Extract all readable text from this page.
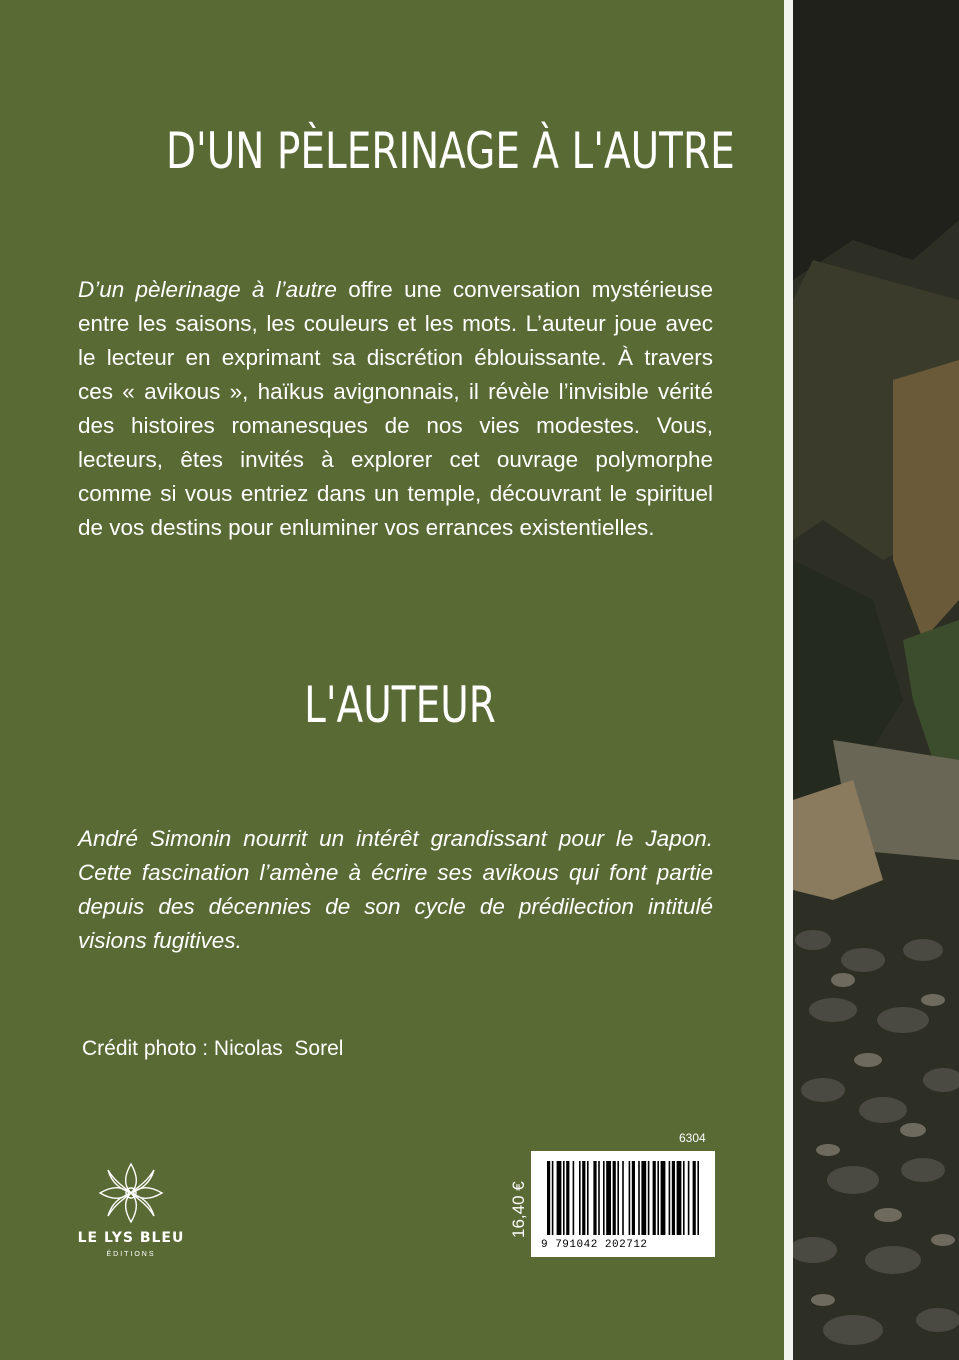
D'UN PÈLERINAGE À L'AUTRE

D’un pèlerinage à l’autre offre une conversation mystérieuse entre les saisons, les couleurs et les mots. L’auteur joue avec le lecteur en exprimant sa discrétion éblouissante. À travers ces « avikous », haïkus avignonnais, il révèle l’invisible vérité des histoires romanesques de nos vies modestes. Vous, lecteurs, êtes invités à explorer cet ouvrage polymorphe comme si vous entriez dans un temple, découvrant le spirituel de vos destins pour enluminer vos errances existentielles.

L'AUTEUR

André Simonin nourrit un intérêt grandissant pour le Japon. Cette fascination l’amène à écrire ses avikous qui font partie depuis des décennies de son cycle de prédilection intitulé visions fugitives.

Crédit photo : Nicolas  Sorel

LE LYS BLEU
ÉDITIONS
6304
16,40 €
9 791042 202712
